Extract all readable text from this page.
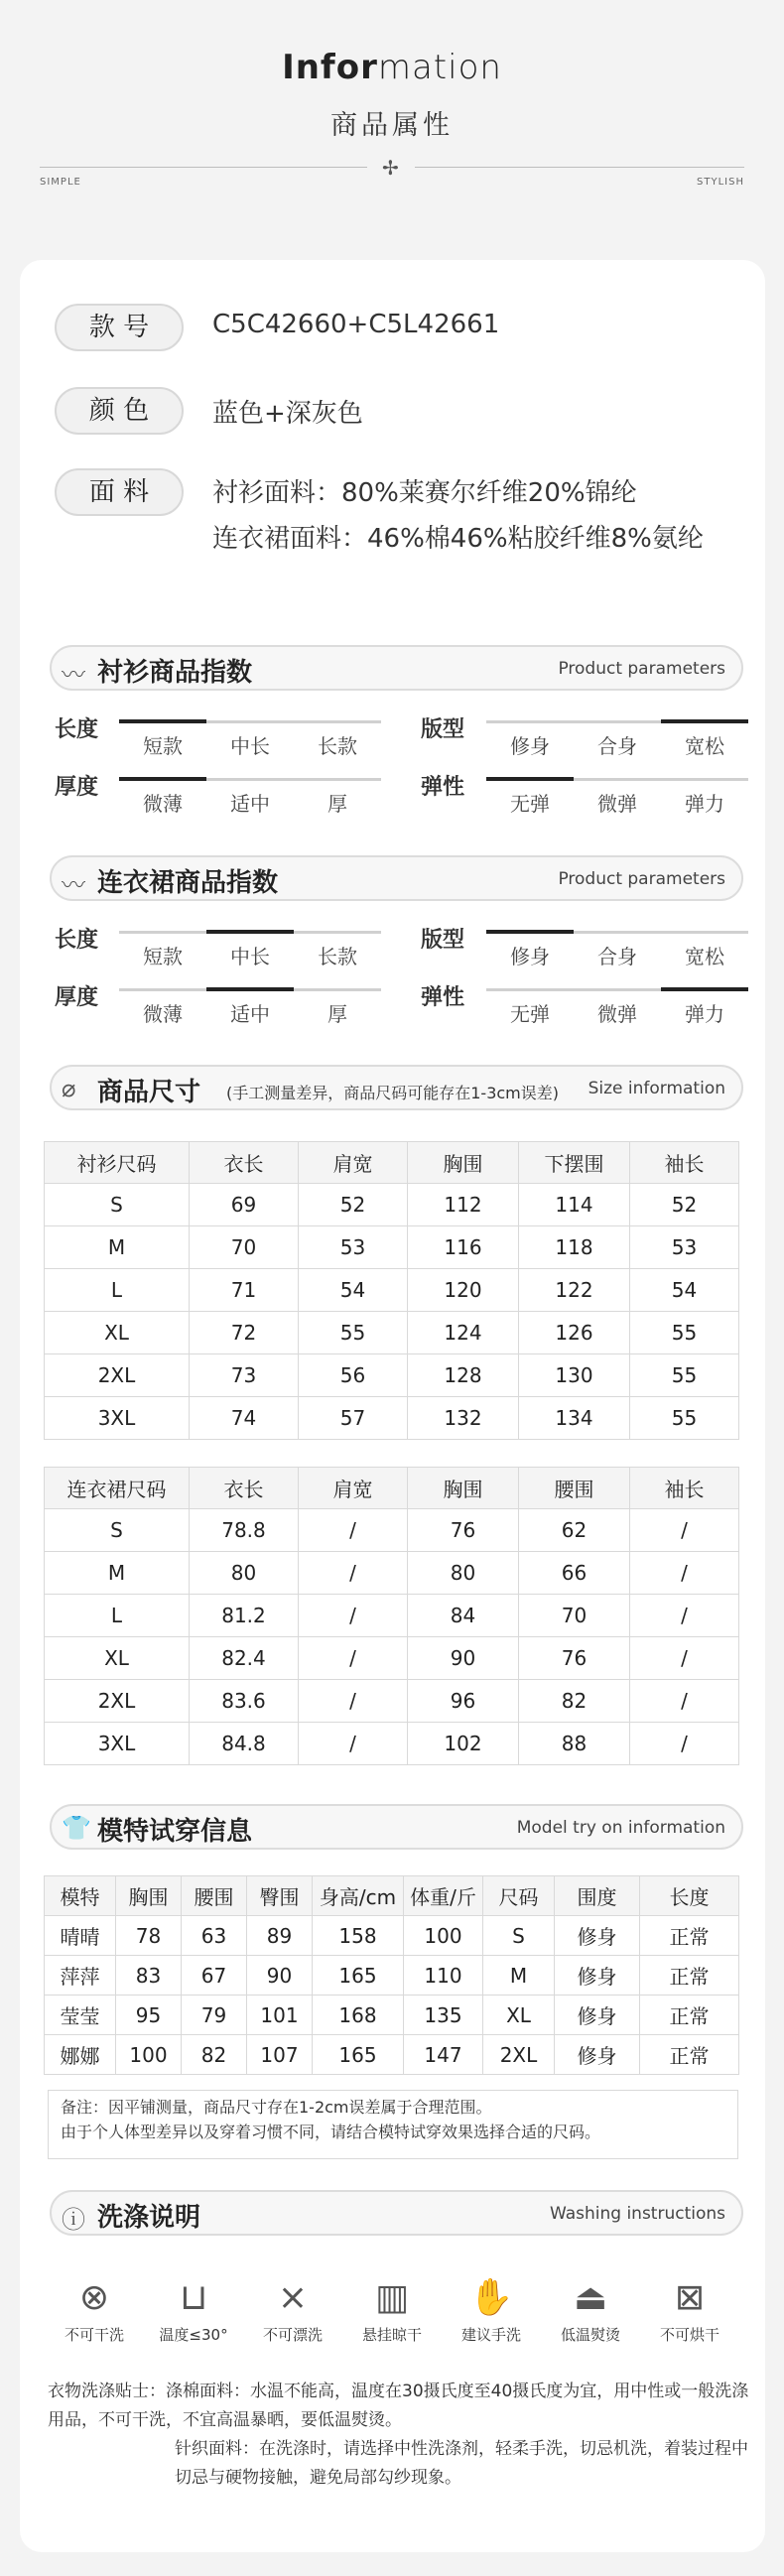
Information
商品属性
✢
SIMPLE	STYLISH
款 号	C5C42660+C5L42661
颜 色	蓝色+深灰色
面 料	衬衫面料：80%莱赛尔纤维20%锦纶
连衣裙面料：46%棉46%粘胶纤维8%氨纶
〰 衬衫商品指数	Product parameters
长度
短款	中长	长款
版型
修身	合身	宽松
厚度
微薄	适中	厚
弹性
无弹	微弹	弹力
〰 连衣裙商品指数	Product parameters
长度
短款	中长	长款
版型
修身	合身	宽松
厚度
微薄	适中	厚
弹性
无弹	微弹	弹力
⌀ 商品尺寸 (手工测量差异，商品尺码可能存在1-3cm误差) Size information
衬衫尺码	衣长	肩宽	胸围	下摆围	袖长
S	69	52	112	114	52
M	70	53	116	118	53
L	71	54	120	122	54
XL	72	55	124	126	55
2XL	73	56	128	130	55
3XL	74	57	132	134	55
连衣裙尺码	衣长	肩宽	胸围	腰围	袖长
S	78.8	/	76	62	/
M	80	/	80	66	/
L	81.2	/	84	70	/
XL	82.4	/	90	76	/
2XL	83.6	/	96	82	/
3XL	84.8	/	102	88	/
👕 模特试穿信息	Model try on information
模特	胸围	腰围	臀围	身高/cm	体重/斤	尺码	围度	长度
晴晴	78	63	89	158	100	S	修身	正常
萍萍	83	67	90	165	110	M	修身	正常
莹莹	95	79	101	168	135	XL	修身	正常
娜娜	100	82	107	165	147	2XL	修身	正常
备注：因平铺测量，商品尺寸存在1-2cm误差属于合理范围。
由于个人体型差异以及穿着习惯不同，请结合模特试穿效果选择合适的尺码。
ⓘ 洗涤说明	Washing instructions
⊗
不可干洗
⊔
温度≤30°
⨯
不可漂洗
▥
悬挂晾干
✋
建议手洗
⏏
低温熨烫
⊠
不可烘干
衣物洗涤贴士：涤棉面料：水温不能高，温度在30摄氏度至40摄氏度为宜，用中性或一般洗涤用品，不可干洗，不宜高温暴晒，要低温熨烫。
针织面料：在洗涤时，请选择中性洗涤剂，轻柔手洗，切忌机洗，着装过程中切忌与硬物接触，避免局部勾纱现象。
